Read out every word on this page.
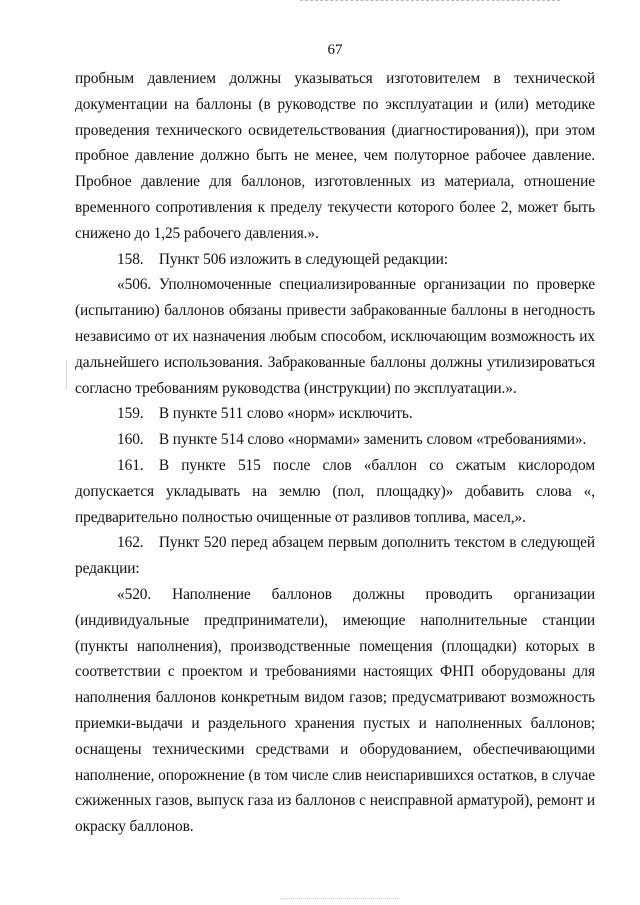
67

пробным давлением должны указываться изготовителем в технической документации на баллоны (в руководстве по эксплуатации и (или) методике проведения технического освидетельствования (диагностирования)), при этом пробное давление должно быть не менее, чем полуторное рабочее давление. Пробное давление для баллонов, изготовленных из материала, отношение временного сопротивления к пределу текучести которого более 2, может быть снижено до 1,25 рабочего давления.».

158. Пункт 506 изложить в следующей редакции:

«506. Уполномоченные специализированные организации по проверке (испытанию) баллонов обязаны привести забракованные баллоны в негодность независимо от их назначения любым способом, исключающим возможность их дальнейшего использования. Забракованные баллоны должны утилизироваться согласно требованиям руководства (инструкции) по эксплуатации.».

159. В пункте 511 слово «норм» исключить.

160. В пункте 514 слово «нормами» заменить словом «требованиями».

161. В пункте 515 после слов «баллон со сжатым кислородом допускается укладывать на землю (пол, площадку)» добавить слова «, предварительно полностью очищенные от разливов топлива, масел,».

162. Пункт 520 перед абзацем первым дополнить текстом в следующей редакции:

«520. Наполнение баллонов должны проводить организации (индивидуальные предприниматели), имеющие наполнительные станции (пункты наполнения), производственные помещения (площадки) которых в соответствии с проектом и требованиями настоящих ФНП оборудованы для наполнения баллонов конкретным видом газов; предусматривают возможность приемки-выдачи и раздельного хранения пустых и наполненных баллонов; оснащены техническими средствами и оборудованием, обеспечивающими наполнение, опорожнение (в том числе слив неиспарившихся остатков, в случае сжиженных газов, выпуск газа из баллонов с неисправной арматурой), ремонт и окраску баллонов.
